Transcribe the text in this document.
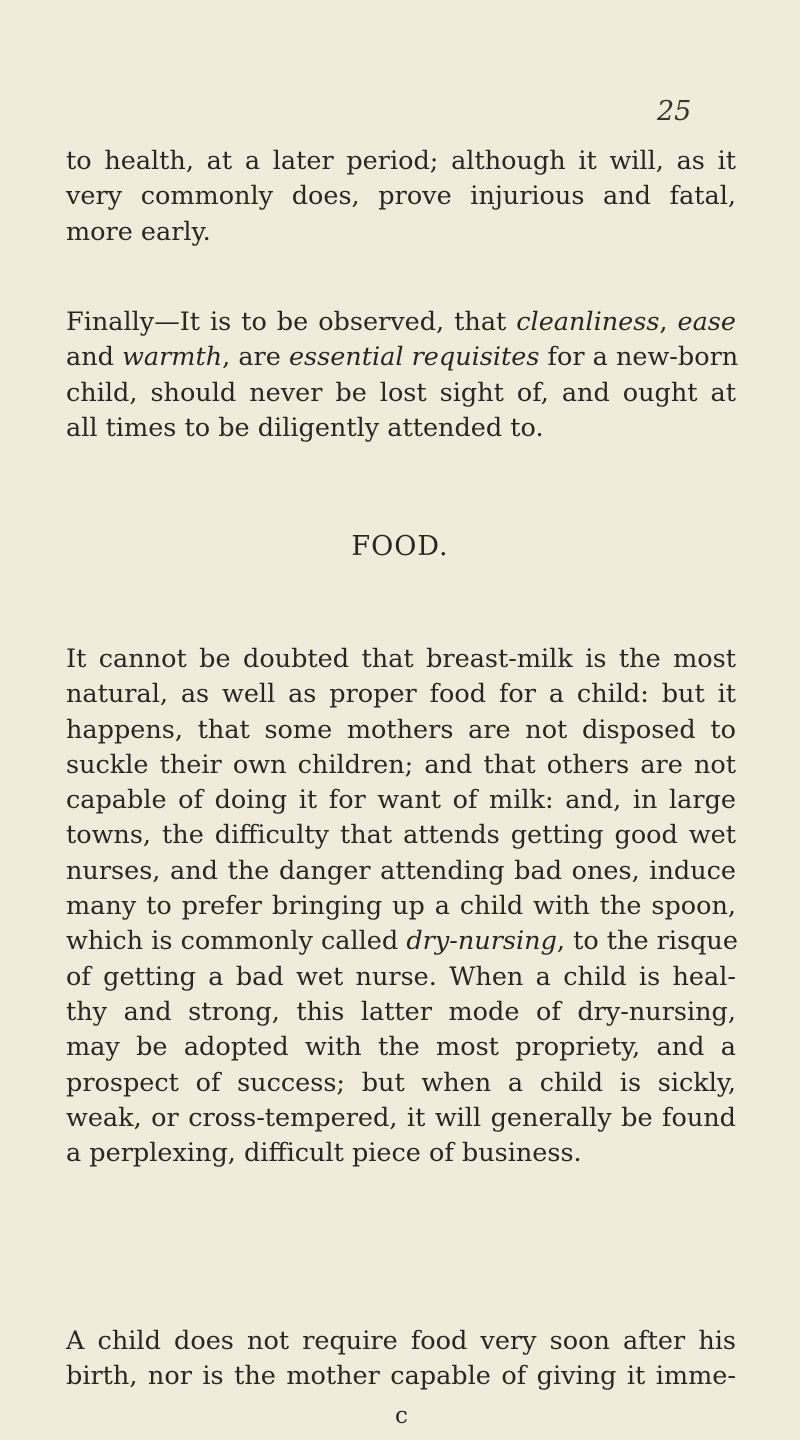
25
to health, at a later period; although it will, as it
very commonly does, prove injurious and fatal,
more early.
Finally—It is to be observed, that cleanliness, ease
and warmth, are essential requisites for a new-born
child, should never be lost sight of, and ought at
all times to be diligently attended to.
FOOD.
It cannot be doubted that breast-milk is the most
natural, as well as proper food for a child: but it
happens, that some mothers are not disposed to
suckle their own children; and that others are not
capable of doing it for want of milk: and, in large
towns, the difficulty that attends getting good wet
nurses, and the danger attending bad ones, induce
many to prefer bringing up a child with the spoon,
which is commonly called dry-nursing, to the risque
of getting a bad wet nurse. When a child is heal-
thy and strong, this latter mode of dry-nursing,
may be adopted with the most propriety, and a
prospect of success; but when a child is sickly,
weak, or cross-tempered, it will generally be found
a perplexing, difficult piece of business.
A child does not require food very soon after his
birth, nor is the mother capable of giving it imme-
c
